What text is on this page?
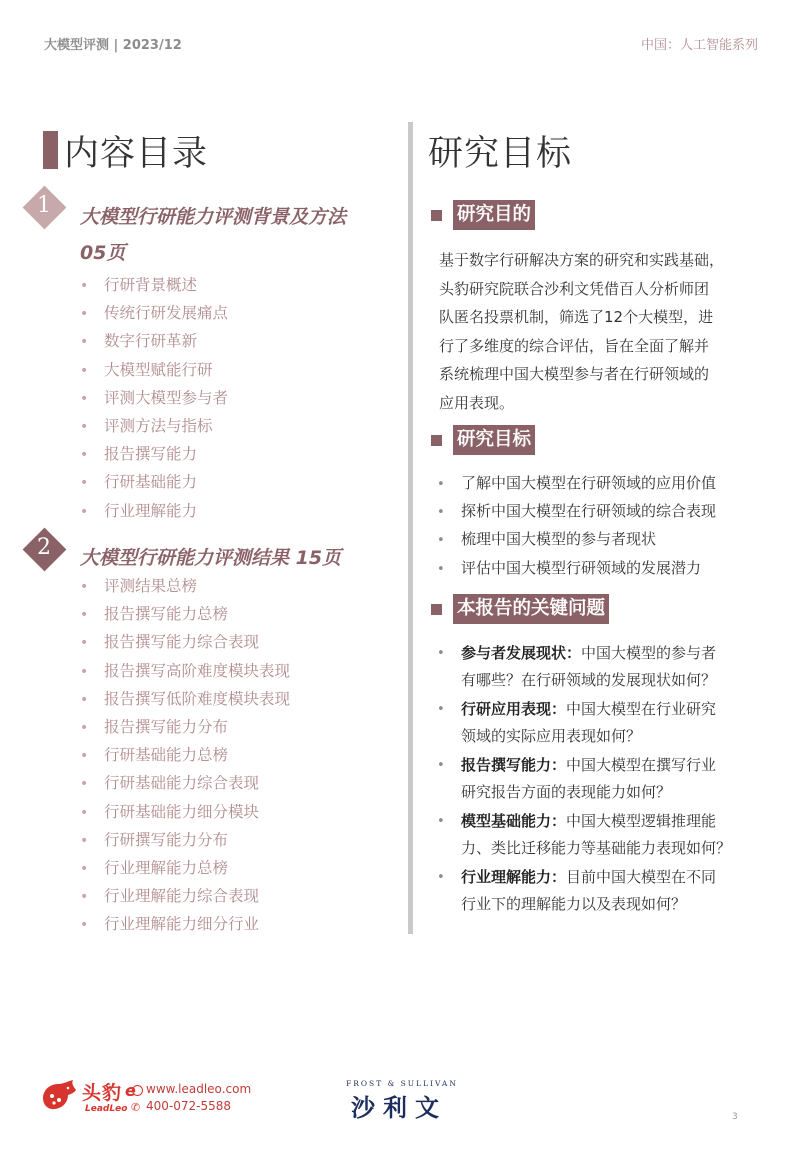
大模型评测 | 2023/12	中国：人工智能系列
内容目录
1	大模型行研能力评测背景及方法
05页
• 行研背景概述
• 传统行研发展痛点
• 数字行研革新
• 大模型赋能行研
• 评测大模型参与者
• 评测方法与指标
• 报告撰写能力
• 行研基础能力
• 行业理解能力
2	大模型行研能力评测结果 15页
• 评测结果总榜
• 报告撰写能力总榜
• 报告撰写能力综合表现
• 报告撰写高阶难度模块表现
• 报告撰写低阶难度模块表现
• 报告撰写能力分布
• 行研基础能力总榜
• 行研基础能力综合表现
• 行研基础能力细分模块
• 行研撰写能力分布
• 行业理解能力总榜
• 行业理解能力综合表现
• 行业理解能力细分行业
研究目标
研究目的
基于数字行研解决方案的研究和实践基础，
头豹研究院联合沙利文凭借百人分析师团
队匿名投票机制，筛选了12个大模型，进
行了多维度的综合评估，旨在全面了解并
系统梳理中国大模型参与者在行研领域的
应用表现。
研究目标
• 了解中国大模型在行研领域的应用价值
• 探析中国大模型在行研领域的综合表现
• 梳理中国大模型的参与者现状
• 评估中国大模型行研领域的发展潜力
本报告的关键问题
• 参与者发展现状：中国大模型的参与者
有哪些？在行研领域的发展现状如何？
• 行研应用表现：中国大模型在行业研究
领域的实际应用表现如何？
• 报告撰写能力：中国大模型在撰写行业
研究报告方面的表现能力如何？
• 模型基础能力：中国大模型逻辑推理能
力、类比迁移能力等基础能力表现如何？
• 行业理解能力：目前中国大模型在不同
行业下的理解能力以及表现如何？
头豹 e
LeadLeo
www.leadleo.com
✆ 400-072-5588
FROST & SULLIVAN
沙利文	3
